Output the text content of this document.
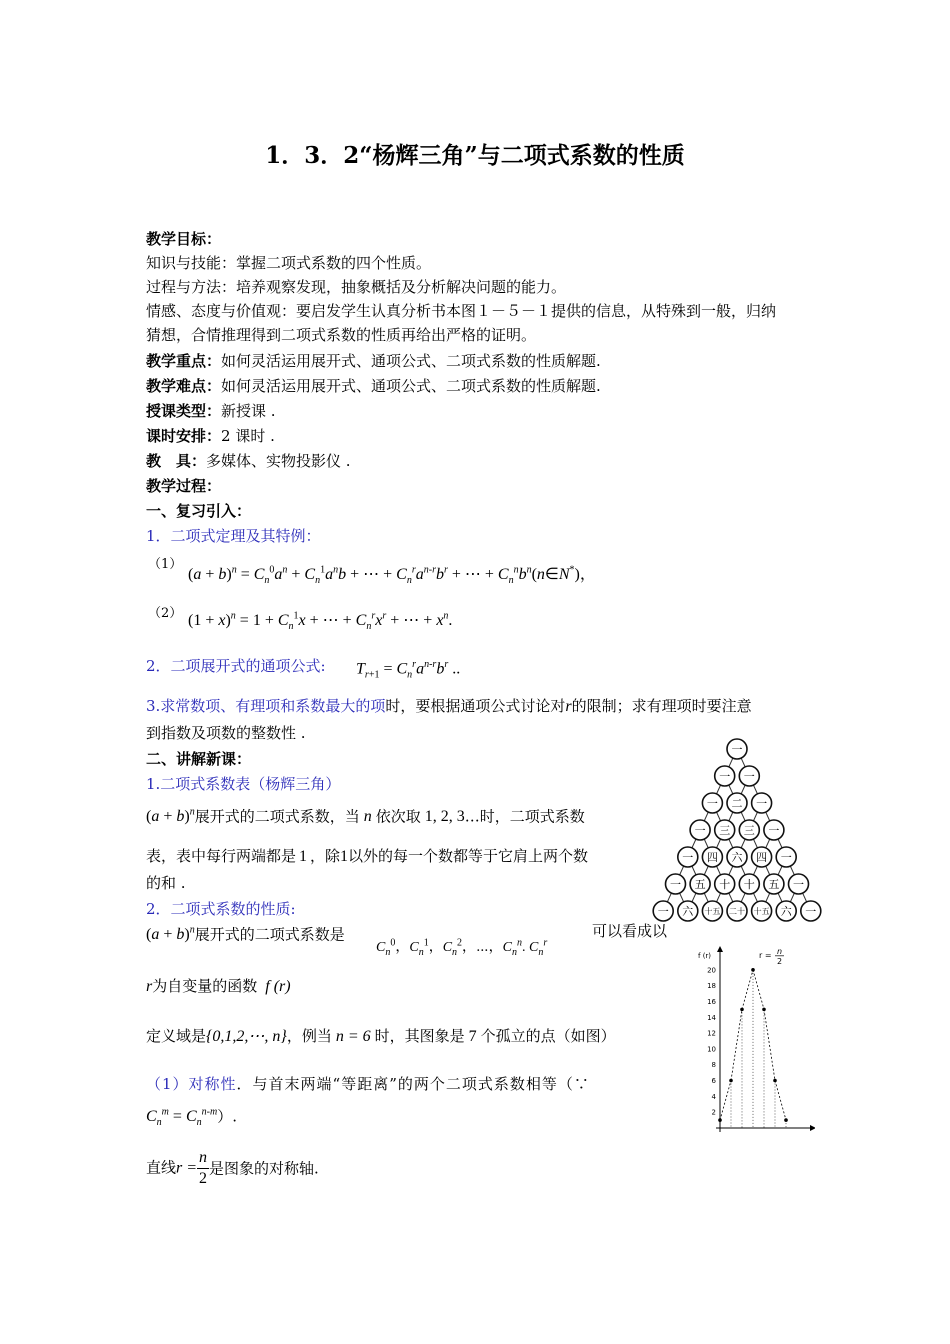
1．3．2“杨辉三角”与二项式系数的性质
教学目标：
知识与技能：掌握二项式系数的四个性质。
过程与方法：培养观察发现，抽象概括及分析解决问题的能力。
情感、态度与价值观：要启发学生认真分析书本图１－５－１提供的信息，从特殊到一般，归纳
猜想，合情推理得到二项式系数的性质再给出严格的证明。
教学重点：如何灵活运用展开式、通项公式、二项式系数的性质解题.
教学难点：如何灵活运用展开式、通项公式、二项式系数的性质解题.
授课类型：新授课 .
课时安排：2 课时 .
教　具：多媒体、实物投影仪 .
教学过程：
一、复习引入：
1．二项式定理及其特例：
（1）
$(a + b)^n = C_n^0a^n + C_n^1a^nb$ + ⋯ + $C_n^ra^{n-r}b^r$ + ⋯ + $C_n^nb^n(n\in N^*)$，
（2） $(1 + x)^n = 1 + C_n^1x$ + ⋯ + $C_n^rx^r$ + ⋯ + $x^n$.
2．二项展开式的通项公式: $T_{r+1} = C_n^ra^{n-r}b^r$ ..
3.求常数项、有理项和系数最大的项时，要根据通项公式讨论对r的限制；求有理项时要注意
到指数及项数的整数性 .
二、讲解新课：
1.二项式系数表（杨辉三角）
$(a + b)^n$展开式的二项式系数，当 n 依次取 1, 2, 3…时，二项式系数
表，表中每行两端都是 1 ，除1以外的每一个数都等于它肩上两个数
的和 .
2．二项式系数的性质:
$(a + b)^n$展开式的二项式系数是
$C_n^0$，$C_n^1$，$C_n^2$，⋯，$C_n^n$. $C_n^r$
可以看成以
r为自变量的函数 f (r)
定义域是{0,1,2,⋯, n}，例当 n = 6 时，其图象是 7 个孤立的点（如图）
（1）对称性．与首末两端“等距离”的两个二项式系数相等（∵
$C_n^m = C_n^{n-m}$）.
直线$r = \frac{n}{2}$ 是图象的对称轴.
一
一 一
一 二 一
一 三 三 一
一 四 六 四 一
一 五 十 十 五 一
一 六 十五 二十 十五 六 一
f (r)
2
4
6
8
10
12
14
16
18
20
r = n
2
